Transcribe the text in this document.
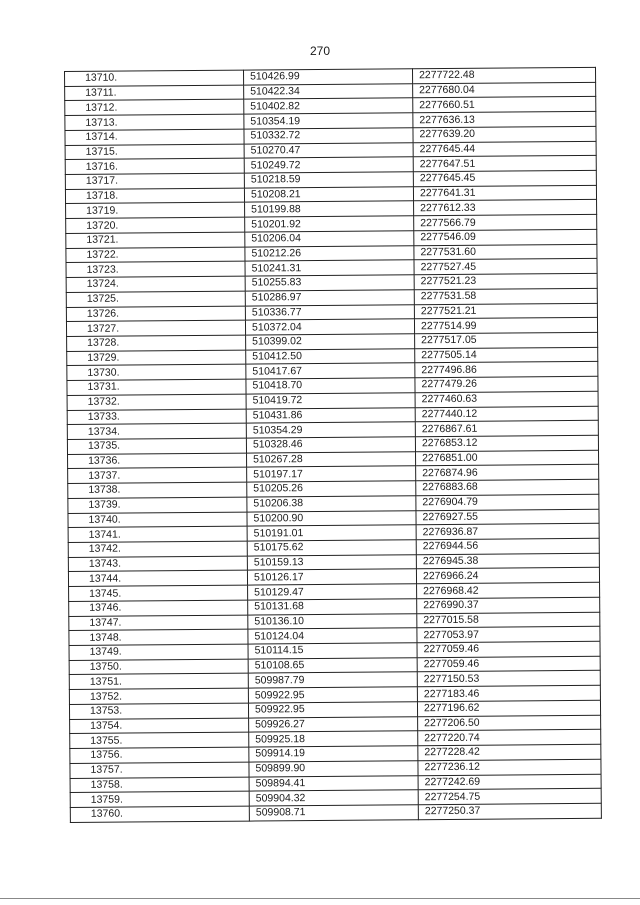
270
13710.	510426.99	2277722.48
13711.	510422.34	2277680.04
13712.	510402.82	2277660.51
13713.	510354.19	2277636.13
13714.	510332.72	2277639.20
13715.	510270.47	2277645.44
13716.	510249.72	2277647.51
13717.	510218.59	2277645.45
13718.	510208.21	2277641.31
13719.	510199.88	2277612.33
13720.	510201.92	2277566.79
13721.	510206.04	2277546.09
13722.	510212.26	2277531.60
13723.	510241.31	2277527.45
13724.	510255.83	2277521.23
13725.	510286.97	2277531.58
13726.	510336.77	2277521.21
13727.	510372.04	2277514.99
13728.	510399.02	2277517.05
13729.	510412.50	2277505.14
13730.	510417.67	2277496.86
13731.	510418.70	2277479.26
13732.	510419.72	2277460.63
13733.	510431.86	2277440.12
13734.	510354.29	2276867.61
13735.	510328.46	2276853.12
13736.	510267.28	2276851.00
13737.	510197.17	2276874.96
13738.	510205.26	2276883.68
13739.	510206.38	2276904.79
13740.	510200.90	2276927.55
13741.	510191.01	2276936.87
13742.	510175.62	2276944.56
13743.	510159.13	2276945.38
13744.	510126.17	2276966.24
13745.	510129.47	2276968.42
13746.	510131.68	2276990.37
13747.	510136.10	2277015.58
13748.	510124.04	2277053.97
13749.	510114.15	2277059.46
13750.	510108.65	2277059.46
13751.	509987.79	2277150.53
13752.	509922.95	2277183.46
13753.	509922.95	2277196.62
13754.	509926.27	2277206.50
13755.	509925.18	2277220.74
13756.	509914.19	2277228.42
13757.	509899.90	2277236.12
13758.	509894.41	2277242.69
13759.	509904.32	2277254.75
13760.	509908.71	2277250.37
